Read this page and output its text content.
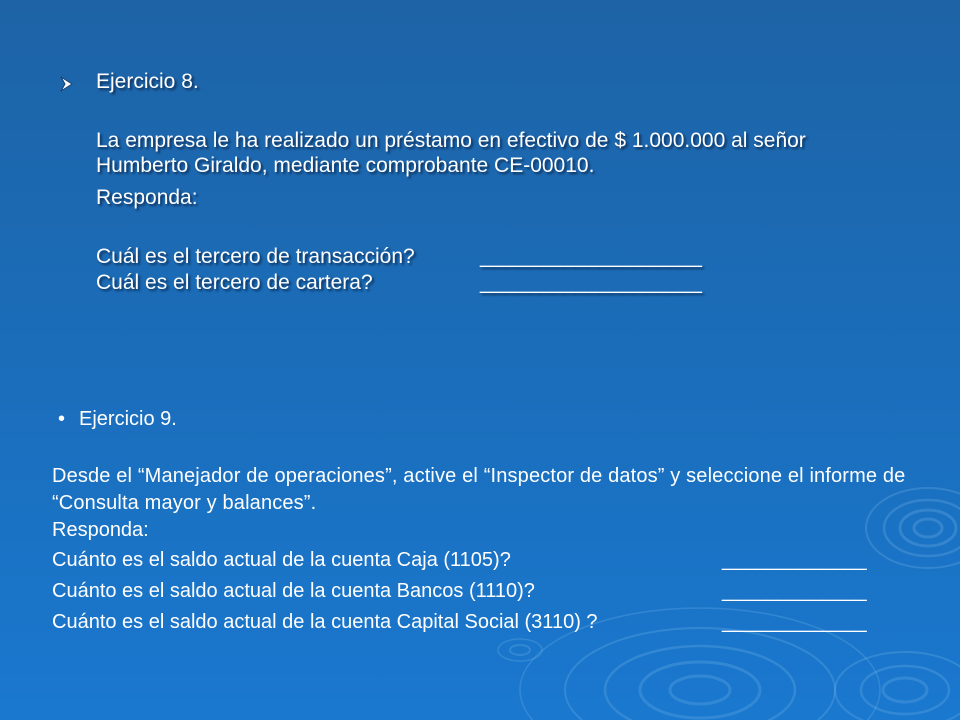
Ejercicio 8.
La empresa le ha realizado un préstamo en efectivo de $ 1.000.000 al señor Humberto Giraldo, mediante comprobante CE-00010.
Responda:
Cuál es el tercero de transacción?	___________________
Cuál es el tercero de cartera?	___________________
• Ejercicio 9.
Desde el “Manejador de operaciones”, active el “Inspector de datos” y seleccione el informe de “Consulta mayor y balances”.
Responda:
Cuánto es el saldo actual de la cuenta Caja (1105)?	_____________
Cuánto es el saldo actual de la cuenta Bancos (1110)?	_____________
Cuánto es el saldo actual de la cuenta Capital Social (3110) ?	_____________
